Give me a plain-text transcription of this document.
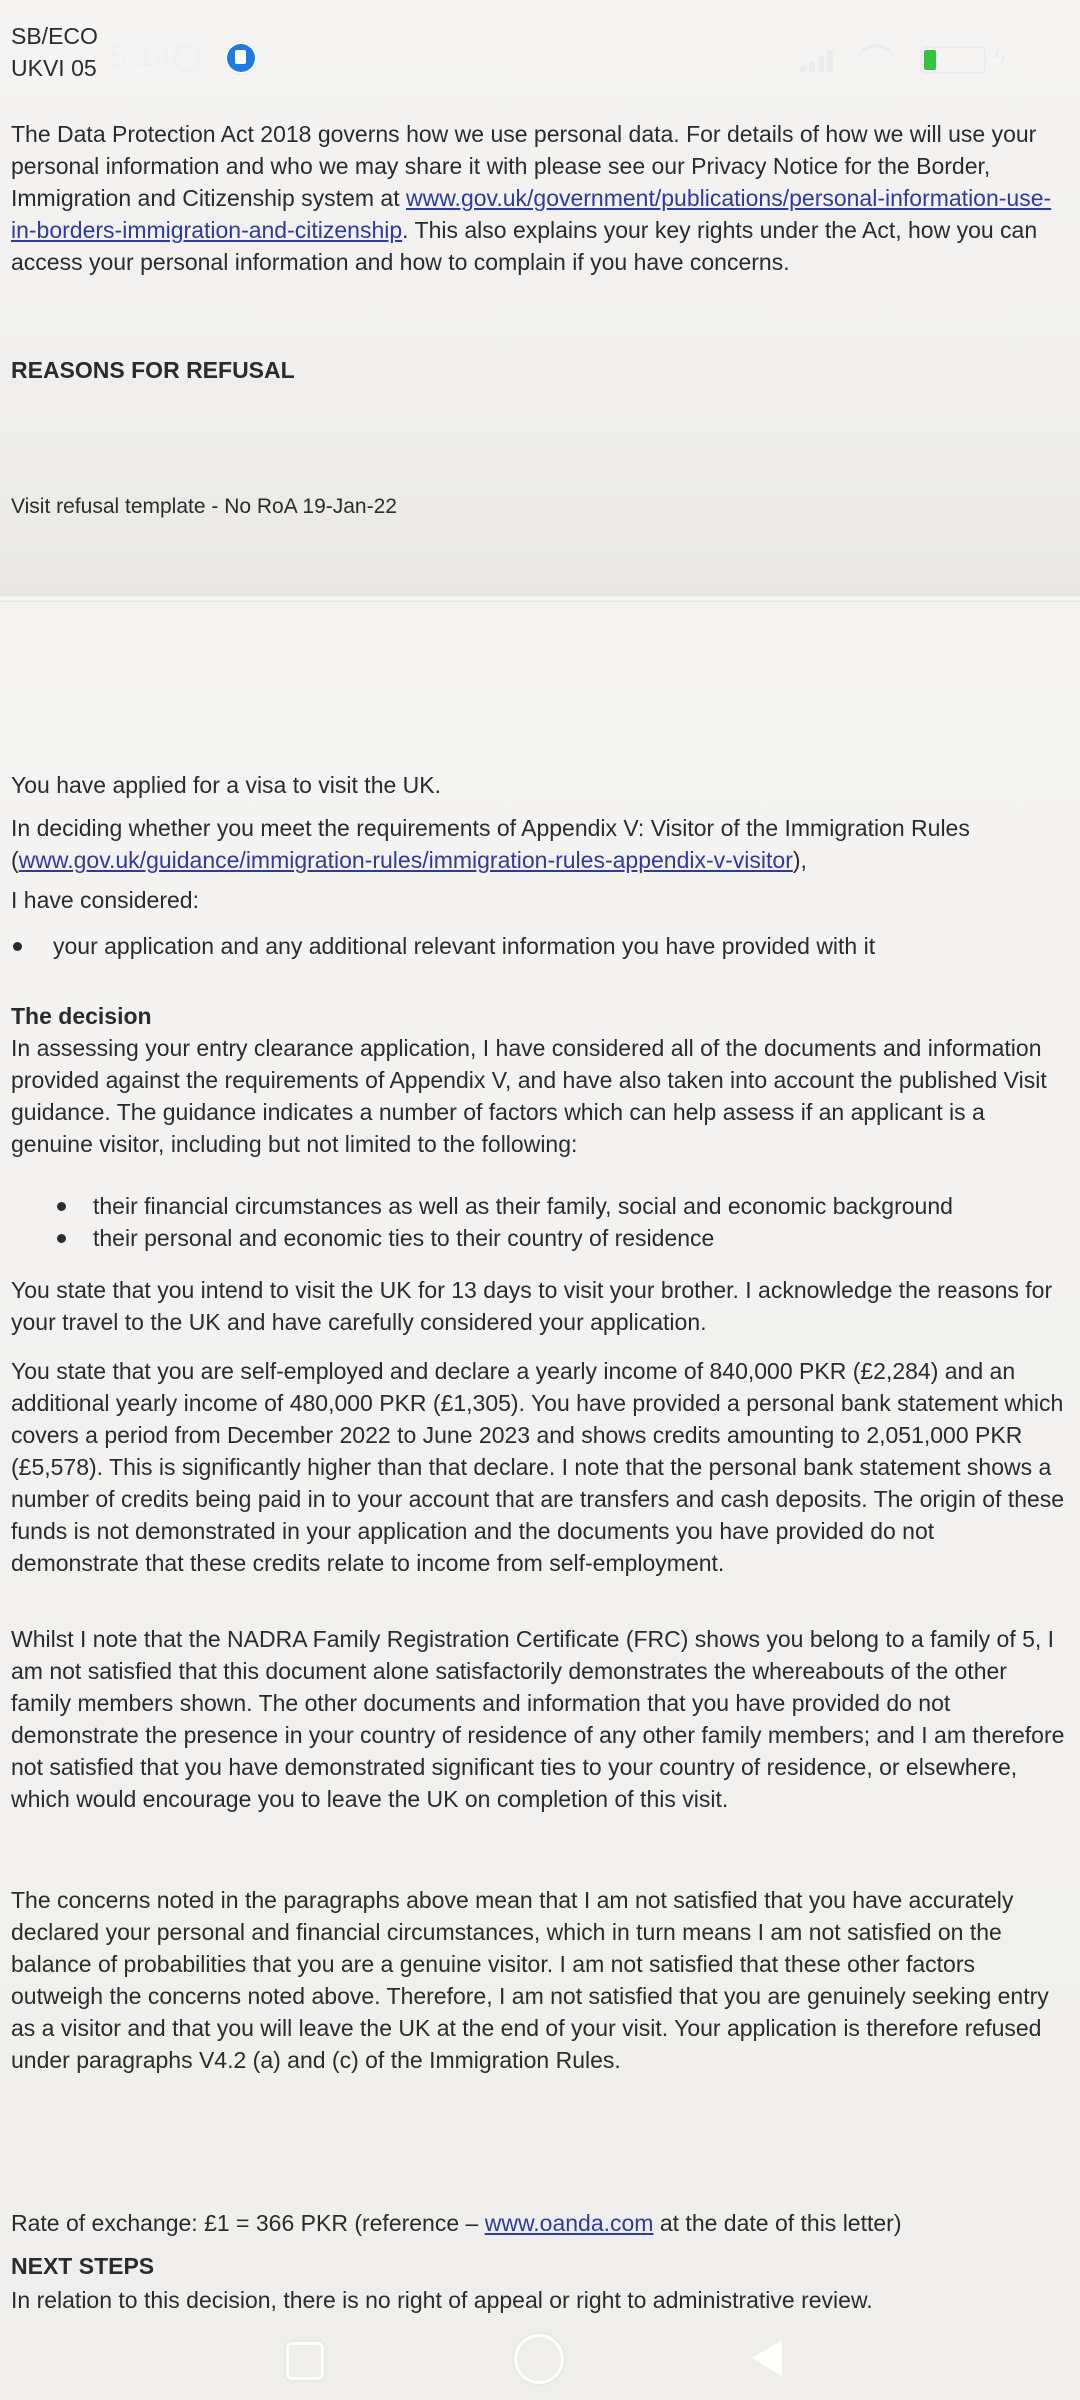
SB/ECO
UKVI 05 5:14	ϟ

The Data Protection Act 2018 governs how we use personal data. For details of how we will use your personal information and who we may share it with please see our Privacy Notice for the Border, Immigration and Citizenship system at www.gov.uk/government/publications/personal-information-use-in-borders-immigration-and-citizenship. This also explains your key rights under the Act, how you can access your personal information and how to complain if you have concerns.

REASONS FOR REFUSAL
Visit refusal template - No RoA 19-Jan-22
You have applied for a visa to visit the UK.

In deciding whether you meet the requirements of Appendix V: Visitor of the Immigration Rules (www.gov.uk/guidance/immigration-rules/immigration-rules-appendix-v-visitor),

I have considered:
your application and any additional relevant information you have provided with it
The decision
In assessing your entry clearance application, I have considered all of the documents and information provided against the requirements of Appendix V, and have also taken into account the published Visit guidance. The guidance indicates a number of factors which can help assess if an applicant is a genuine visitor, including but not limited to the following:
their financial circumstances as well as their family, social and economic background
their personal and economic ties to their country of residence
You state that you intend to visit the UK for 13 days to visit your brother. I acknowledge the reasons for your travel to the UK and have carefully considered your application.
You state that you are self-employed and declare a yearly income of 840,000 PKR (£2,284) and an additional yearly income of 480,000 PKR (£1,305). You have provided a personal bank statement which covers a period from December 2022 to June 2023 and shows credits amounting to 2,051,000 PKR (£5,578). This is significantly higher than that declare. I note that the personal bank statement shows a number of credits being paid in to your account that are transfers and cash deposits. The origin of these funds is not demonstrated in your application and the documents you have provided do not demonstrate that these credits relate to income from self-employment.
Whilst I note that the NADRA Family Registration Certificate (FRC) shows you belong to a family of 5, I am not satisfied that this document alone satisfactorily demonstrates the whereabouts of the other family members shown. The other documents and information that you have provided do not demonstrate the presence in your country of residence of any other family members; and I am therefore not satisfied that you have demonstrated significant ties to your country of residence, or elsewhere, which would encourage you to leave the UK on completion of this visit.
The concerns noted in the paragraphs above mean that I am not satisfied that you have accurately declared your personal and financial circumstances, which in turn means I am not satisfied on the balance of probabilities that you are a genuine visitor. I am not satisfied that these other factors outweigh the concerns noted above. Therefore, I am not satisfied that you are genuinely seeking entry as a visitor and that you will leave the UK at the end of your visit. Your application is therefore refused under paragraphs V4.2 (a) and (c) of the Immigration Rules.

Rate of exchange: £1 = 366 PKR (reference – www.oanda.com at the date of this letter)

NEXT STEPS
In relation to this decision, there is no right of appeal or right to administrative review.
